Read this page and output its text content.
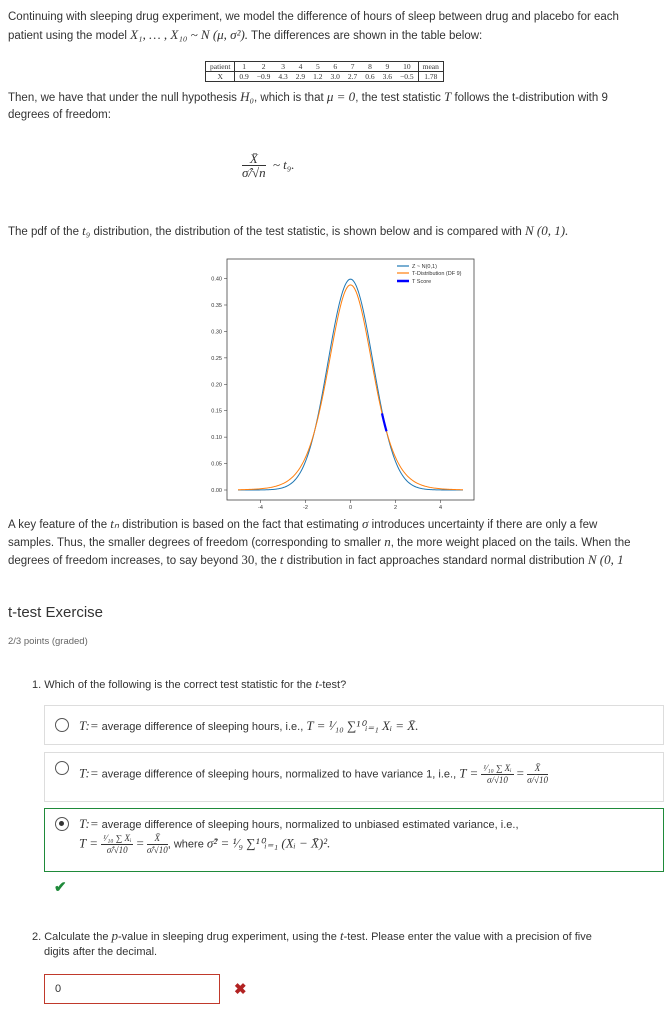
Continuing with sleeping drug experiment, we model the difference of hours of sleep between drug and placebo for each
patient using the model X₁, … , X₁₀ ~ N (μ, σ²). The differences are shown in the table below:
patient	1	2	3	4	5	6	7	8	9	10	mean
X	0.9	−0.9	4.3	2.9	1.2	3.0	2.7	0.6	3.6	−0.5	1.78
Then, we have that under the null hypothesis H₀, which is that μ = 0, the test statistic T follows the t-distribution with 9
degrees of freedom:
$\frac{X̄}{\sigmâ/√n}$ ~ t₉.
The pdf of the t₉ distribution, the distribution of the test statistic, is shown below and is compared with N (0, 1).
0.00
0.05
0.10
0.15
0.20
0.25
0.30
0.35
0.40
-4	-2	0	2	4
Z ~ N(0,1)
T-Distribution (DF 9)
T Score
A key feature of the tₙ distribution is based on the fact that estimating σ introduces uncertainty if there are only a few
samples. Thus, the smaller degrees of freedom (corresponding to smaller n, the more weight placed on the tails. When the
degrees of freedom increases, to say beyond 30, the t distribution in fact approaches standard normal distribution N (0, 1
t-test Exercise
2/3 points (graded)
1. Which of the following is the correct test statistic for the t-test?
T:= average difference of sleeping hours, i.e., T = ¹⁄₁₀ ∑¹⁰ᵢ₌₁ Xᵢ = X̄.
T:= average difference of sleeping hours, normalized to have variance 1, i.e., $T = \frac{\text{¹⁄₁₀ ∑ Xᵢ}}{\sigma/√10} = \frac{X̄}{\sigma/√10}$
T:= average difference of sleeping hours, normalized to unbiased estimated variance, i.e.,
$T = \frac{\text{¹⁄₁₀ ∑ Xᵢ}}{\sigmâ/√10} = \frac{X̄}{\sigmâ/√10}$ , where σ̂² = ¹⁄₉ ∑¹⁰ᵢ₌₁ (Xᵢ − X̄)².
✔
2. Calculate the p-value in sleeping drug experiment, using the t-test. Please enter the value with a precision of five
digits after the decimal.
0	✖
